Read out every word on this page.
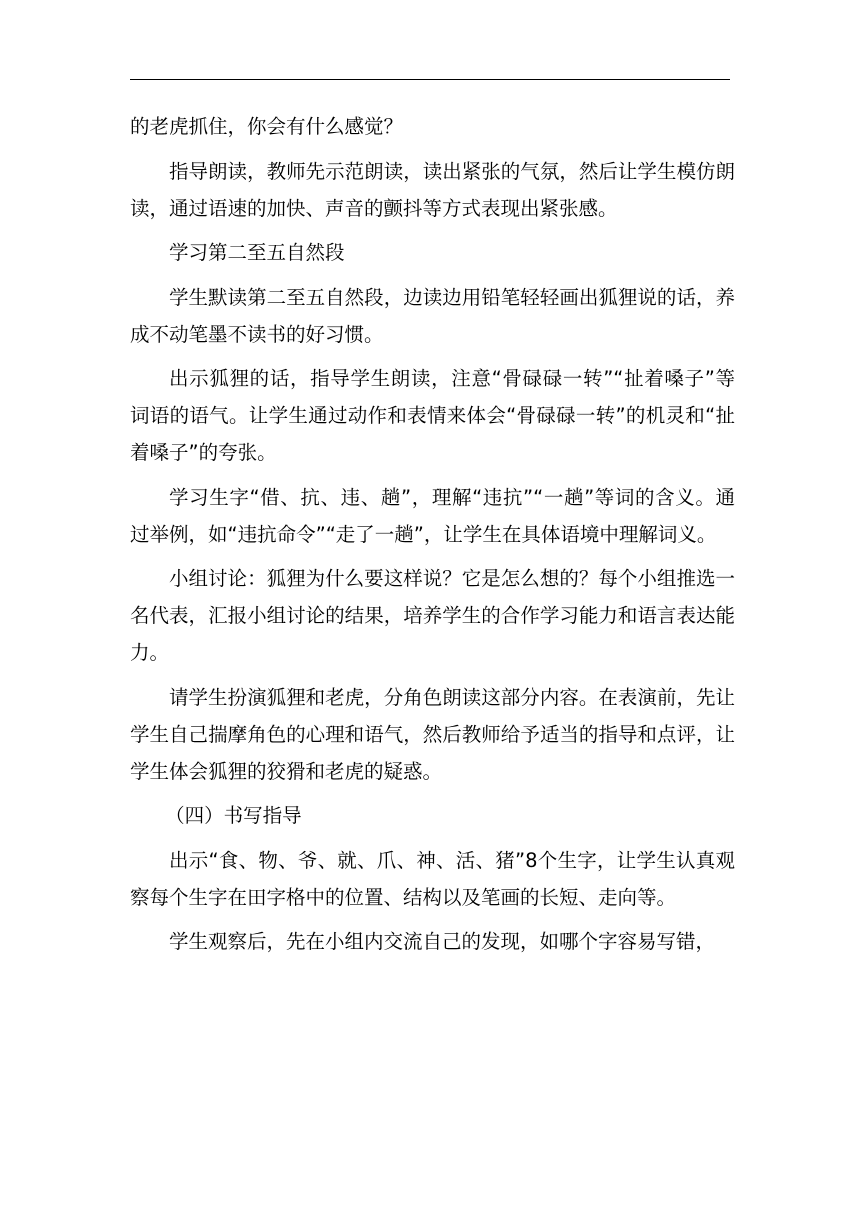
的老虎抓住，你会有什么感觉？

指导朗读，教师先示范朗读，读出紧张的气氛，然后让学生模仿朗读，通过语速的加快、声音的颤抖等方式表现出紧张感。

学习第二至五自然段

学生默读第二至五自然段，边读边用铅笔轻轻画出狐狸说的话，养成不动笔墨不读书的好习惯。

出示狐狸的话，指导学生朗读，注意“骨碌碌一转”“扯着嗓子”等词语的语气。让学生通过动作和表情来体会“骨碌碌一转”的机灵和“扯着嗓子”的夸张。

学习生字“借、抗、违、趟”，理解“违抗”“一趟”等词的含义。通过举例，如“违抗命令”“走了一趟”，让学生在具体语境中理解词义。

小组讨论：狐狸为什么要这样说？它是怎么想的？每个小组推选一名代表，汇报小组讨论的结果，培养学生的合作学习能力和语言表达能力。

请学生扮演狐狸和老虎，分角色朗读这部分内容。在表演前，先让学生自己揣摩角色的心理和语气，然后教师给予适当的指导和点评，让学生体会狐狸的狡猾和老虎的疑惑。

（四）书写指导

出示“食、物、爷、就、爪、神、活、猪”8个生字，让学生认真观察每个生字在田字格中的位置、结构以及笔画的长短、走向等。

学生观察后，先在小组内交流自己的发现，如哪个字容易写错，
